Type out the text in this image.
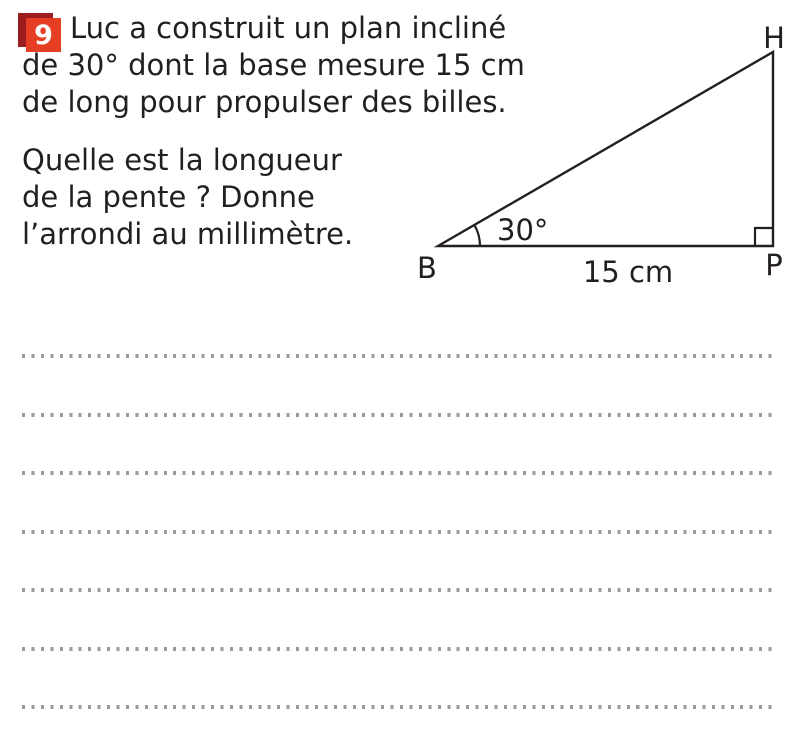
9 Luc a construit un plan incliné
de 30° dont la base mesure 15 cm
de long pour propulser des billes.
Quelle est la longueur
de la pente ? Donne
l’arrondi au millimètre.
H
B	P
30°
15 cm
